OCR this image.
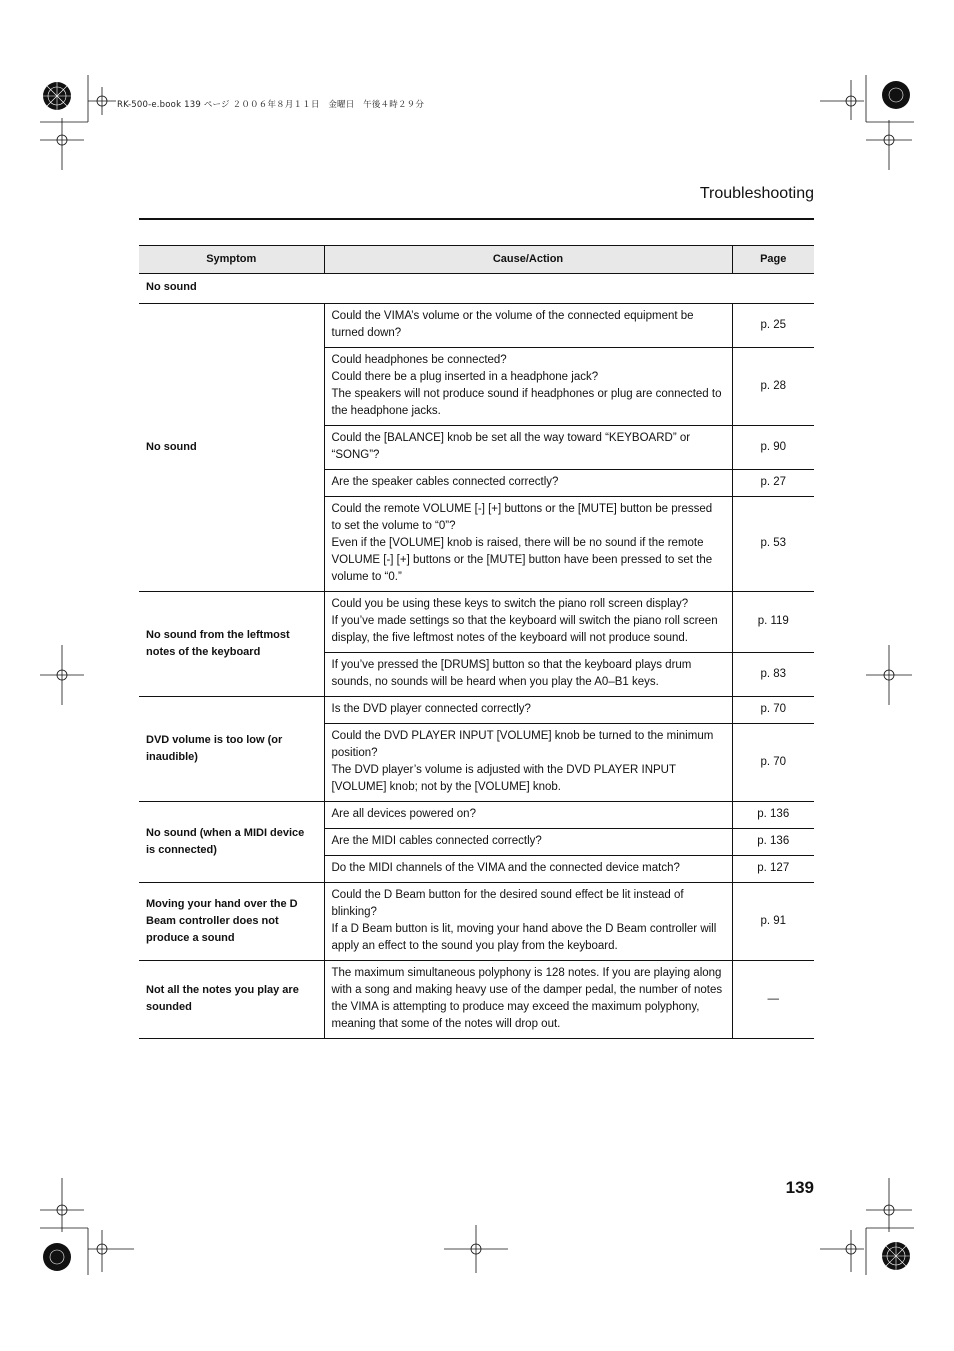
RK-500-e.book 139 ページ ２００６年８月１１日　金曜日　午後４時２９分
Troubleshooting
Symptom	Cause/Action	Page
No sound		
No sound	Could the VIMA’s volume or the volume of the connected equipment be turned down?	p. 25

	Could headphones be connected?
Could there be a plug inserted in a headphone jack?
The speakers will not produce sound if headphones or plug are connected to the headphone jacks.	p. 28

	Could the [BALANCE] knob be set all the way toward “KEYBOARD” or “SONG”?	p. 90

	Are the speaker cables connected correctly?	p. 27

	Could the remote VOLUME [-] [+] buttons or the [MUTE] button be pressed to set the volume to “0”?
Even if the [VOLUME] knob is raised, there will be no sound if the remote VOLUME [-] [+] buttons or the [MUTE] button have been pressed to set the volume to “0.”	p. 53
No sound from the leftmost notes of the keyboard	Could you be using these keys to switch the piano roll screen display?
If you’ve made settings so that the keyboard will switch the piano roll screen display, the five leftmost notes of the keyboard will not produce sound.	p. 119

	If you’ve pressed the [DRUMS] button so that the keyboard plays drum sounds, no sounds will be heard when you play the A0–B1 keys.	p. 83
DVD volume is too low (or inaudible)	Is the DVD player connected correctly?	p. 70

	Could the DVD PLAYER INPUT [VOLUME] knob be turned to the minimum position?
The DVD player’s volume is adjusted with the DVD PLAYER INPUT [VOLUME] knob; not by the [VOLUME] knob.	p. 70
No sound (when a MIDI device is connected)	Are all devices powered on?	p. 136

	Are the MIDI cables connected correctly?	p. 136

	Do the MIDI channels of the VIMA and the connected device match?	p. 127
Moving your hand over the D Beam controller does not produce a sound	Could the D Beam button for the desired sound effect be lit instead of blinking?
If a D Beam button is lit, moving your hand above the D Beam controller will apply an effect to the sound you play from the keyboard.	p. 91
Not all the notes you play are sounded	The maximum simultaneous polyphony is 128 notes. If you are playing along with a song and making heavy use of the damper pedal, the number of notes the VIMA is attempting to produce may exceed the maximum polyphony, meaning that some of the notes will drop out.	—
139
